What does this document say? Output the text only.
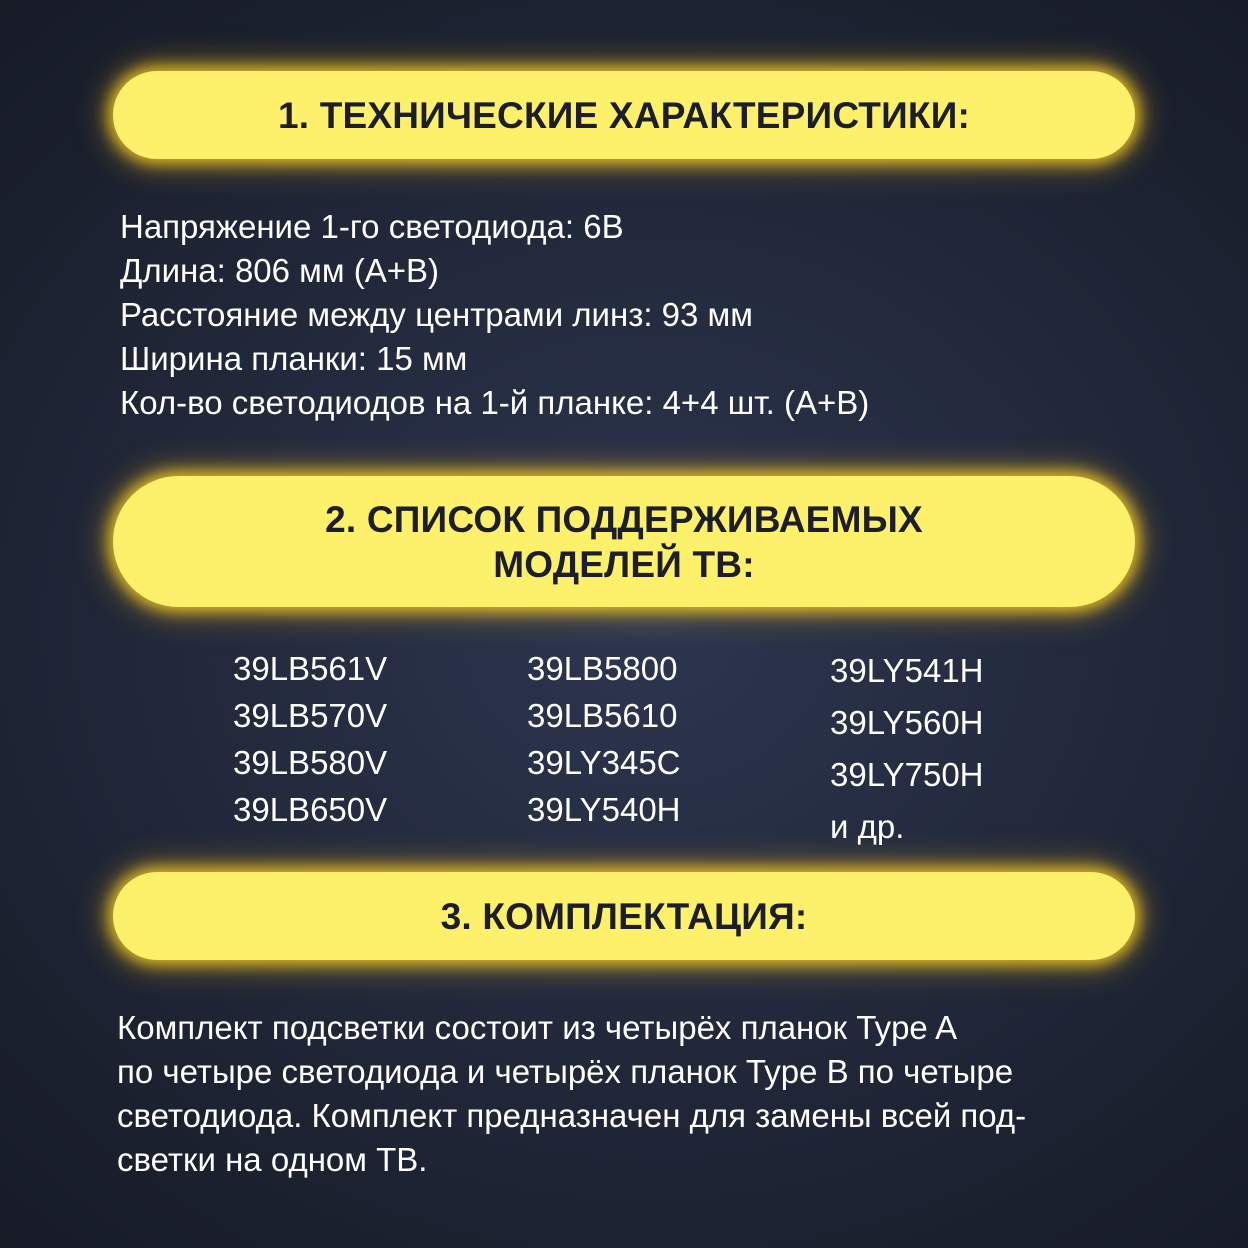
1. ТЕХНИЧЕСКИЕ ХАРАКТЕРИСТИКИ:
Напряжение 1-го светодиода: 6В
Длина: 806 мм (A+B)
Расстояние между центрами линз: 93 мм
Ширина планки: 15 мм
Кол-во светодиодов на 1-й планке: 4+4 шт. (A+B)
2. СПИСОК ПОДДЕРЖИВАЕМЫХ
МОДЕЛЕЙ ТВ:
39LB561V
39LB570V
39LB580V
39LB650V
39LB5800
39LB5610
39LY345C
39LY540H
39LY541H
39LY560H
39LY750H
и др.
3. КОМПЛЕКТАЦИЯ:
Комплект подсветки состоит из четырёх планок Type A
по четыре светодиода и четырёх планок Type B по четыре
светодиода. Комплект предназначен для замены всей под-
светки на одном ТВ.
